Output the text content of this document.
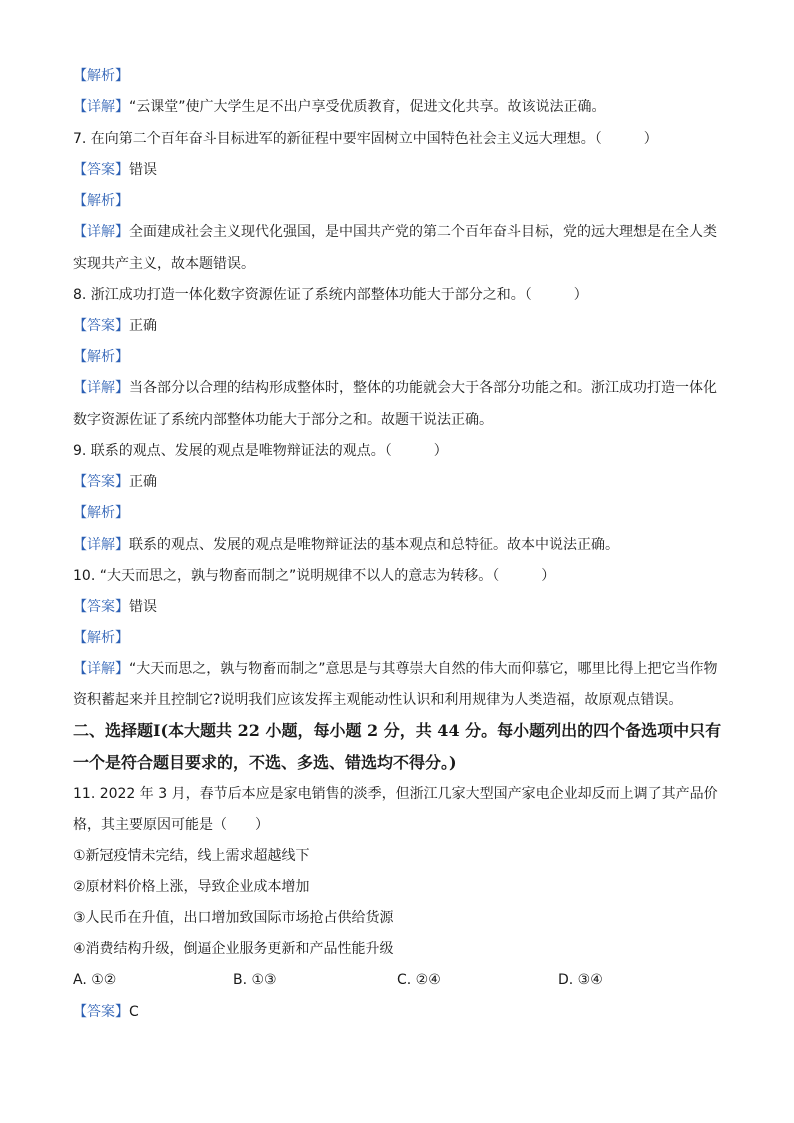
【解析】
【详解】“云课堂”使广大学生足不出户享受优质教育，促进文化共享。故该说法正确。
7. 在向第二个百年奋斗目标进军的新征程中要牢固树立中国特色社会主义远大理想。（　　　）
【答案】错误
【解析】
【详解】全面建成社会主义现代化强国，是中国共产党的第二个百年奋斗目标，党的远大理想是在全人类
实现共产主义，故本题错误。
8. 浙江成功打造一体化数字资源佐证了系统内部整体功能大于部分之和。（　　　）
【答案】正确
【解析】
【详解】当各部分以合理的结构形成整体时，整体的功能就会大于各部分功能之和。浙江成功打造一体化
数字资源佐证了系统内部整体功能大于部分之和。故题干说法正确。
9. 联系的观点、发展的观点是唯物辩证法的观点。（　　　）
【答案】正确
【解析】
【详解】联系的观点、发展的观点是唯物辩证法的基本观点和总特征。故本中说法正确。
10. “大天而思之，孰与物畜而制之”说明规律不以人的意志为转移。（　　　）
【答案】错误
【解析】
【详解】“大天而思之，孰与物畜而制之”意思是与其尊崇大自然的伟大而仰慕它，哪里比得上把它当作物
资积蓄起来并且控制它?说明我们应该发挥主观能动性认识和利用规律为人类造福，故原观点错误。
二、选择题Ⅰ(本大题共 22 小题，每小题 2 分，共 44 分。每小题列出的四个备选项中只有
一个是符合题目要求的，不选、多选、错选均不得分。)
11. 2022 年 3 月，春节后本应是家电销售的淡季，但浙江几家大型国产家电企业却反而上调了其产品价
格，其主要原因可能是（　　）
①新冠疫情未完结，线上需求超越线下
②原材料价格上涨，导致企业成本增加
③人民币在升值，出口增加致国际市场抢占供给货源
④消费结构升级，倒逼企业服务更新和产品性能升级
A. ①②	B. ①③	C. ②④	D. ③④
【答案】C
